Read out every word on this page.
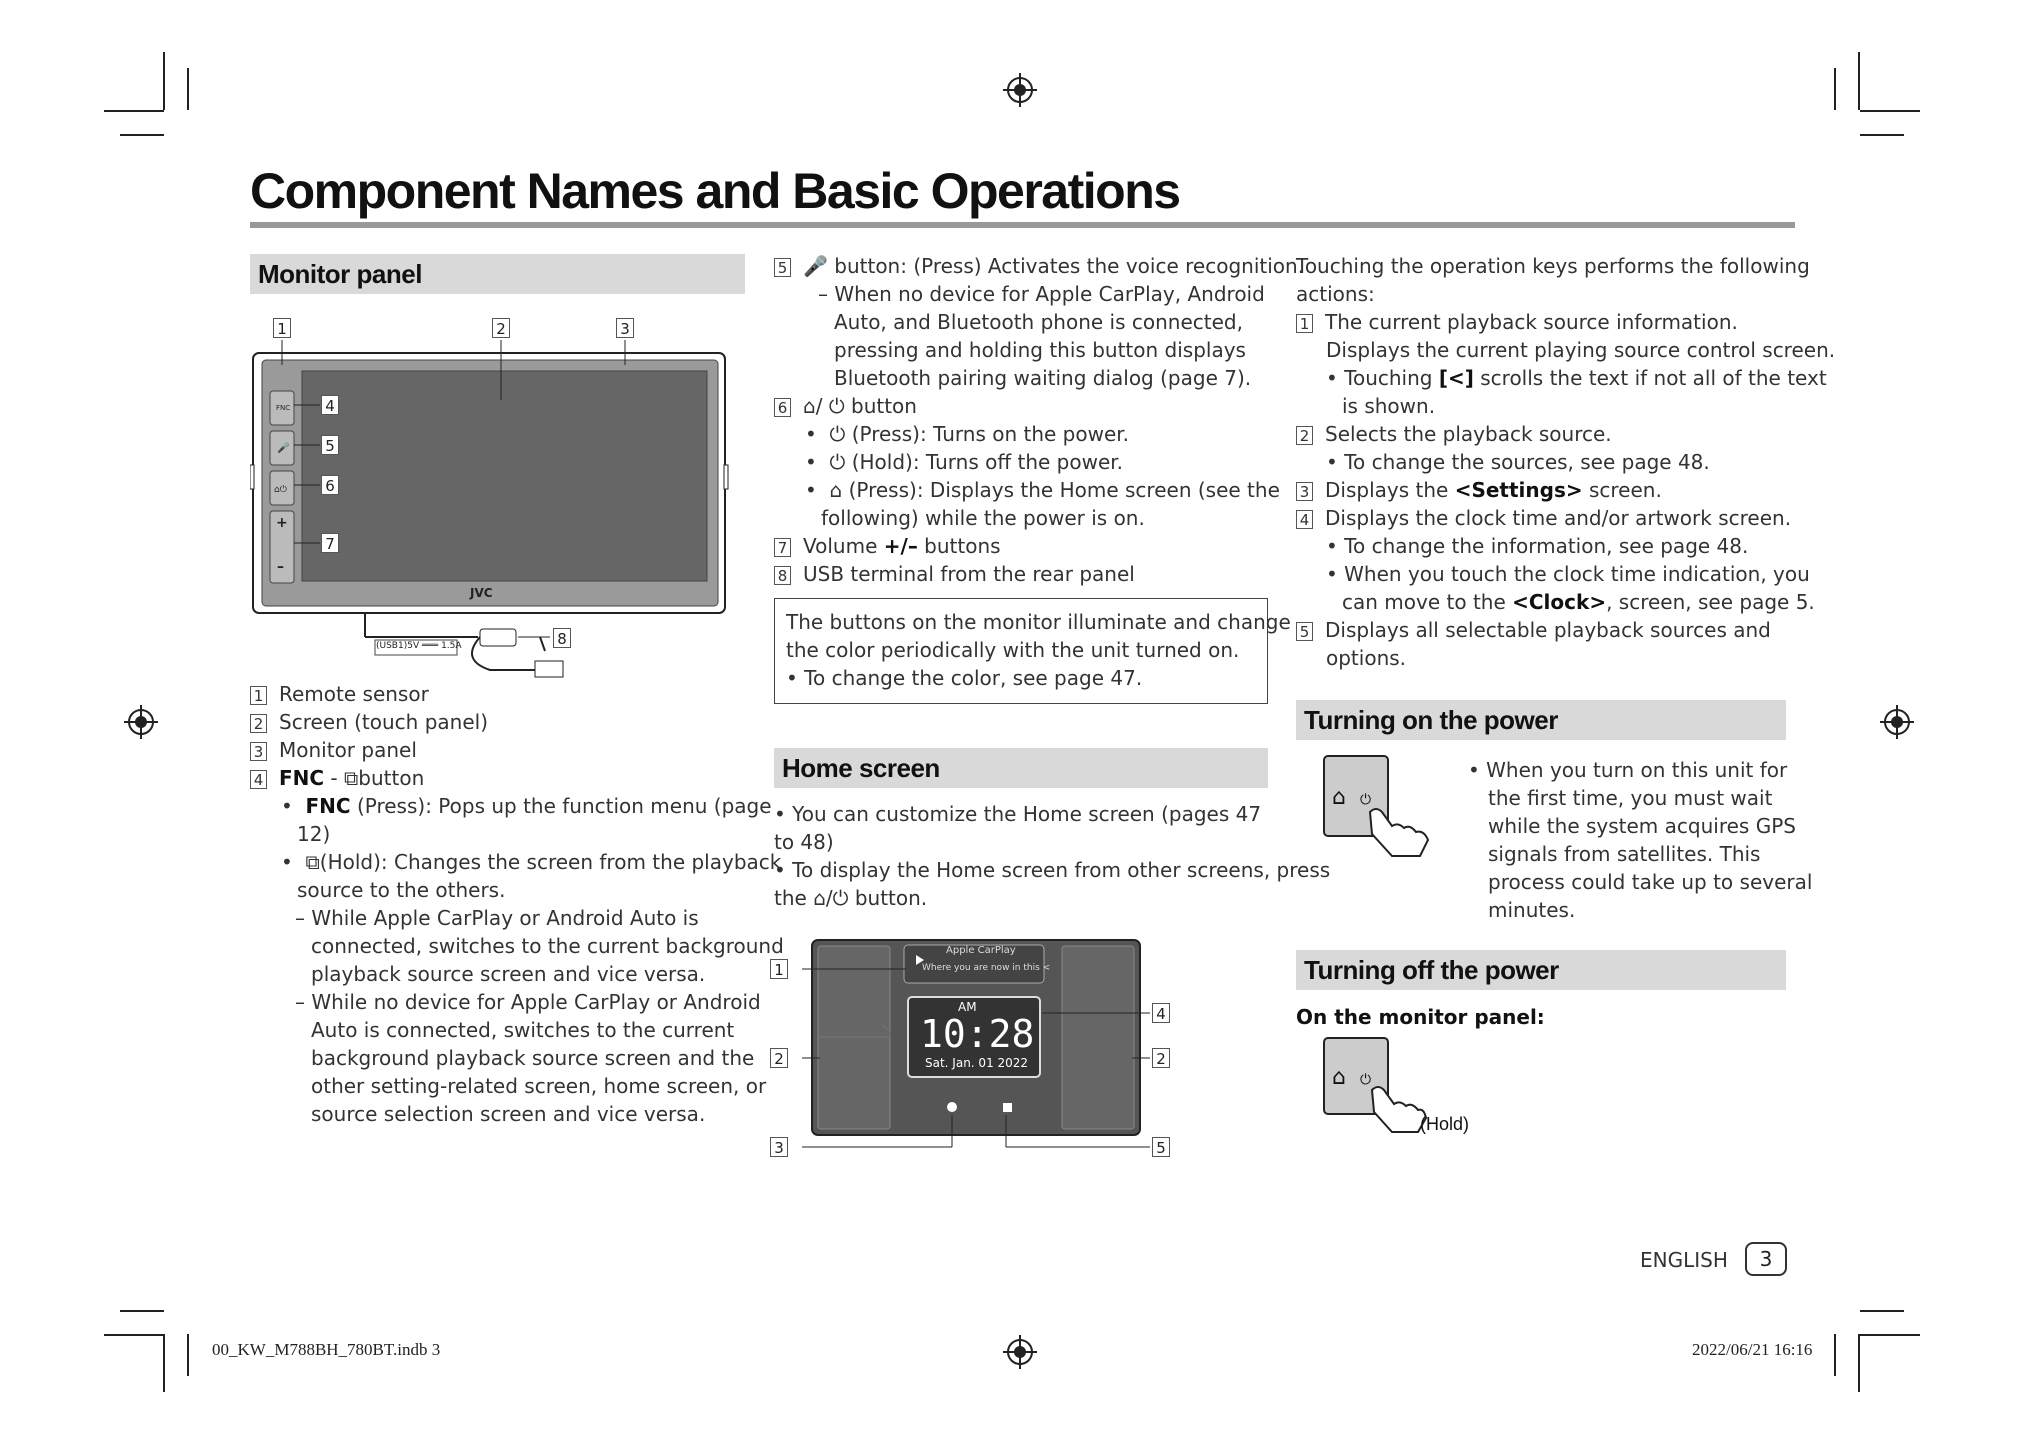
Component Names and Basic Operations
Monitor panel
FNC
🎤
⌂⏻
+
–
JVC
(USB1)5V ═══ 1.5A
1	2	3
4
5
6
7
8
1 Remote sensor
2 Screen (touch panel)
3 Monitor panel
4 FNC - ⧉button
•  FNC (Press): Pops up the function menu (page
12)
•  ⧉(Hold): Changes the screen from the playback
source to the others.
– While Apple CarPlay or Android Auto is
connected, switches to the current background
playback source screen and vice versa.
– While no device for Apple CarPlay or Android
Auto is connected, switches to the current
background playback source screen and the
other setting-related screen, home screen, or
source selection screen and vice versa.
5 🎤 button: (Press) Activates the voice recognition.
– When no device for Apple CarPlay, Android
Auto, and Bluetooth phone is connected,
pressing and holding this button displays
Bluetooth pairing waiting dialog (page 7).
6 ⌂/ ⏻ button
•  ⏻ (Press): Turns on the power.
•  ⏻ (Hold): Turns off the power.
•  ⌂ (Press): Displays the Home screen (see the
following) while the power is on.
7 Volume +/– buttons
8 USB terminal from the rear panel
The buttons on the monitor illuminate and change
the color periodically with the unit turned on.
• To change the color, see page 47.
Home screen
• You can customize the Home screen (pages 47
to 48)
• To display the Home screen from other screens, press
the ⌂/⏻ button.
Apple CarPlay
Where you are now in this <
AM
10:28
Sat. Jan. 01 2022
1
2	2
3
4
5
Touching the operation keys performs the following
actions:
1 The current playback source information.
Displays the current playing source control screen.
• Touching [<] scrolls the text if not all of the text
is shown.
2 Selects the playback source.
• To change the sources, see page 48.
3 Displays the <Settings> screen.
4 Displays the clock time and/or artwork screen.
• To change the information, see page 48.
• When you touch the clock time indication, you
can move to the <Clock>, screen, see page 5.
5 Displays all selectable playback sources and
options.
Turning on the power
⌂ ⏻
• When you turn on this unit for
the first time, you must wait
while the system acquires GPS
signals from satellites. This
process could take up to several
minutes.
Turning off the power
On the monitor panel:
⌂ ⏻
(Hold)
ENGLISH	3
00_KW_M788BH_780BT.indb 3	2022/06/21 16:16
